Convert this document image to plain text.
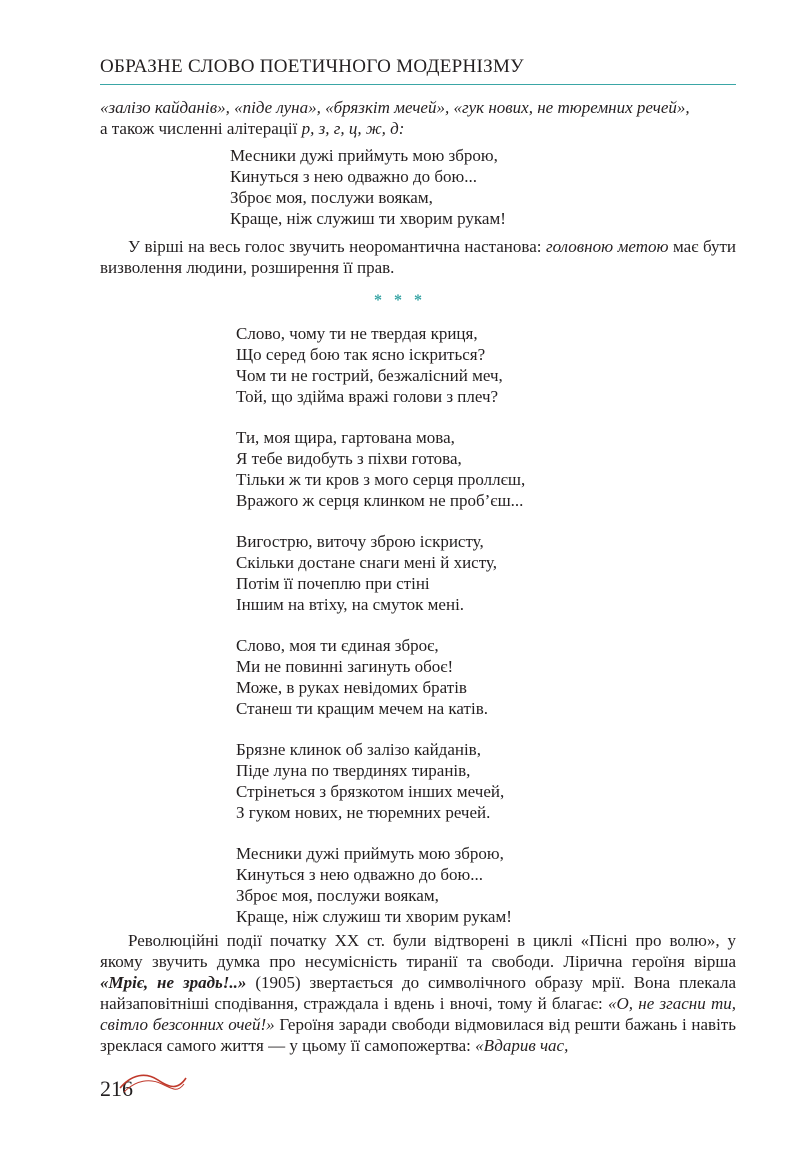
ОБРАЗНЕ СЛОВО ПОЕТИЧНОГО МОДЕРНІЗМУ
«залізо кайданів», «піде луна», «брязкіт мечей», «гук нових, не тюремних речей»,
а також численні алітерації р, з, г, ц, ж, д:
Месники дужі приймуть мою зброю,
Кинуться з нею одважно до бою...
Зброє моя, послужи воякам,
Краще, ніж служиш ти хворим рукам!

У вірші на весь голос звучить неоромантична настанова: головною метою має бути визволення людини, розширення її прав.

* * *
Слово, чому ти не твердая криця,
Що серед бою так ясно іскриться?
Чом ти не гострий, безжалісний меч,
Той, що здійма вражі голови з плеч?
Ти, моя щира, гартована мова,
Я тебе видобуть з піхви готова,
Тільки ж ти кров з мого серця проллєш,
Вражого ж серця клинком не проб’єш...
Вигострю, виточу зброю іскристу,
Скільки достане снаги мені й хисту,
Потім її почеплю при стіні
Іншим на втіху, на смуток мені.
Слово, моя ти єдиная зброє,
Ми не повинні загинуть обоє!
Може, в руках невідомих братів
Станеш ти кращим мечем на катів.
Брязне клинок об залізо кайданів,
Піде луна по твердинях тиранів,
Стрінеться з брязкотом інших мечей,
З гуком нових, не тюремних речей.
Месники дужі приймуть мою зброю,
Кинуться з нею одважно до бою...
Зброє моя, послужи воякам,
Краще, ніж служиш ти хворим рукам!

Революційні події початку XX ст. були відтворені в циклі «Пісні про волю», у якому звучить думка про несумісність тиранії та свободи. Лірична героїня вірша «Мріє, не зрадь!..» (1905) звертається до символічного образу мрії. Вона плекала найзаповітніші сподівання, страждала і вдень і вночі, тому й благає: «О, не згасни ти, світло безсонних очей!» Героїня заради свободи відмовилася від решти бажань і навіть зреклася самого життя — у цьому її самопожертва: «Вдарив час,

216
